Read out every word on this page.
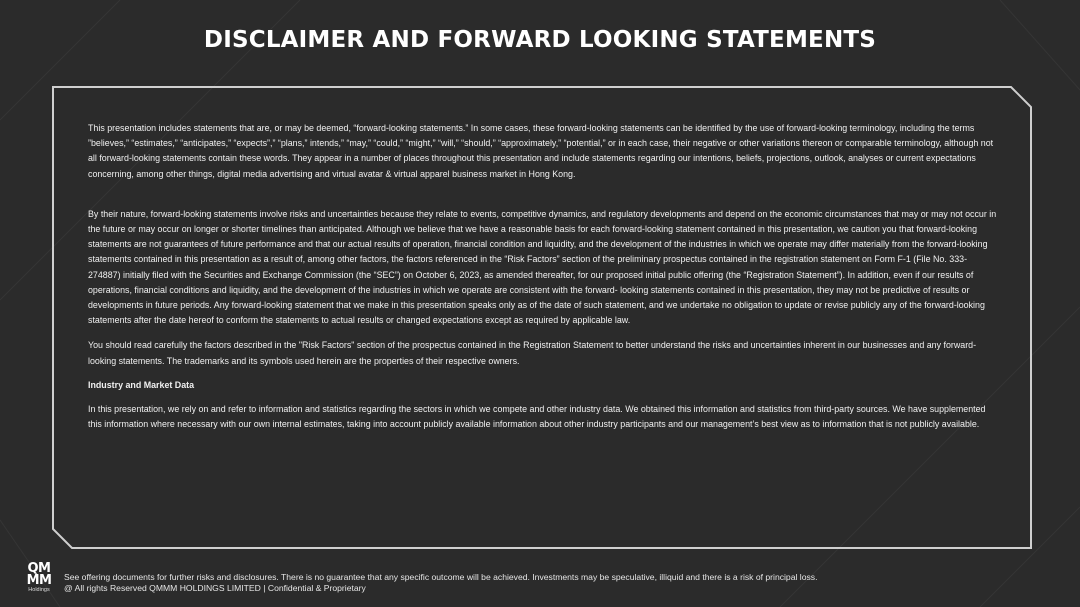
DISCLAIMER AND FORWARD LOOKING STATEMENTS

This presentation includes statements that are, or may be deemed, “forward-looking statements.” In some cases, these forward-looking statements can be identified by the use of forward-looking terminology, including the terms ”believes,” “estimates,” “anticipates,” “expects”,” “plans,” intends,” “may,” “could,” “might,” “will,” “should,” “approximately,” “potential,” or in each case, their negative or other variations thereon or comparable terminology, although not all forward-looking statements contain these words. They appear in a number of places throughout this presentation and include statements regarding our intentions, beliefs, projections, outlook, analyses or current expectations concerning, among other things, digital media advertising and virtual avatar & virtual apparel business market in Hong Kong.

By their nature, forward-looking statements involve risks and uncertainties because they relate to events, competitive dynamics, and regulatory developments and depend on the economic circumstances that may or may not occur in the future or may occur on longer or shorter timelines than anticipated. Although we believe that we have a reasonable basis for each forward-looking statement contained in this presentation, we caution you that forward-looking statements are not guarantees of future performance and that our actual results of operation, financial condition and liquidity, and the development of the industries in which we operate may differ materially from the forward-looking statements contained in this presentation as a result of, among other factors, the factors referenced in the “Risk Factors” section of the preliminary prospectus contained in the registration statement on Form F-1 (File No. 333-274887) initially filed with the Securities and Exchange Commission (the “SEC”) on October 6, 2023, as amended thereafter, for our proposed initial public offering (the “Registration Statement”). In addition, even if our results of operations, financial conditions and liquidity, and the development of the industries in which we operate are consistent with the forward- looking statements contained in this presentation, they may not be predictive of results or developments in future periods. Any forward-looking statement that we make in this presentation speaks only as of the date of such statement, and we undertake no obligation to update or revise publicly any of the forward-looking statements after the date hereof to conform the statements to actual results or changed expectations except as required by applicable law.

You should read carefully the factors described in the "Risk Factors" section of the prospectus contained in the Registration Statement to better understand the risks and uncertainties inherent in our businesses and any forward-looking statements. The trademarks and its symbols used herein are the properties of their respective owners.

Industry and Market Data

In this presentation, we rely on and refer to information and statistics regarding the sectors in which we compete and other industry data. We obtained this information and statistics from third-party sources. We have supplemented this information where necessary with our own internal estimates, taking into account publicly available information about other industry participants and our management’s best view as to information that is not publicly available.

QM
MM
Holdings
See offering documents for further risks and disclosures. There is no guarantee that any specific outcome will be achieved. Investments may be speculative, illiquid and there is a risk of principal loss.
@ All rights Reserved QMMM HOLDINGS LIMITED | Confidential & Proprietary
